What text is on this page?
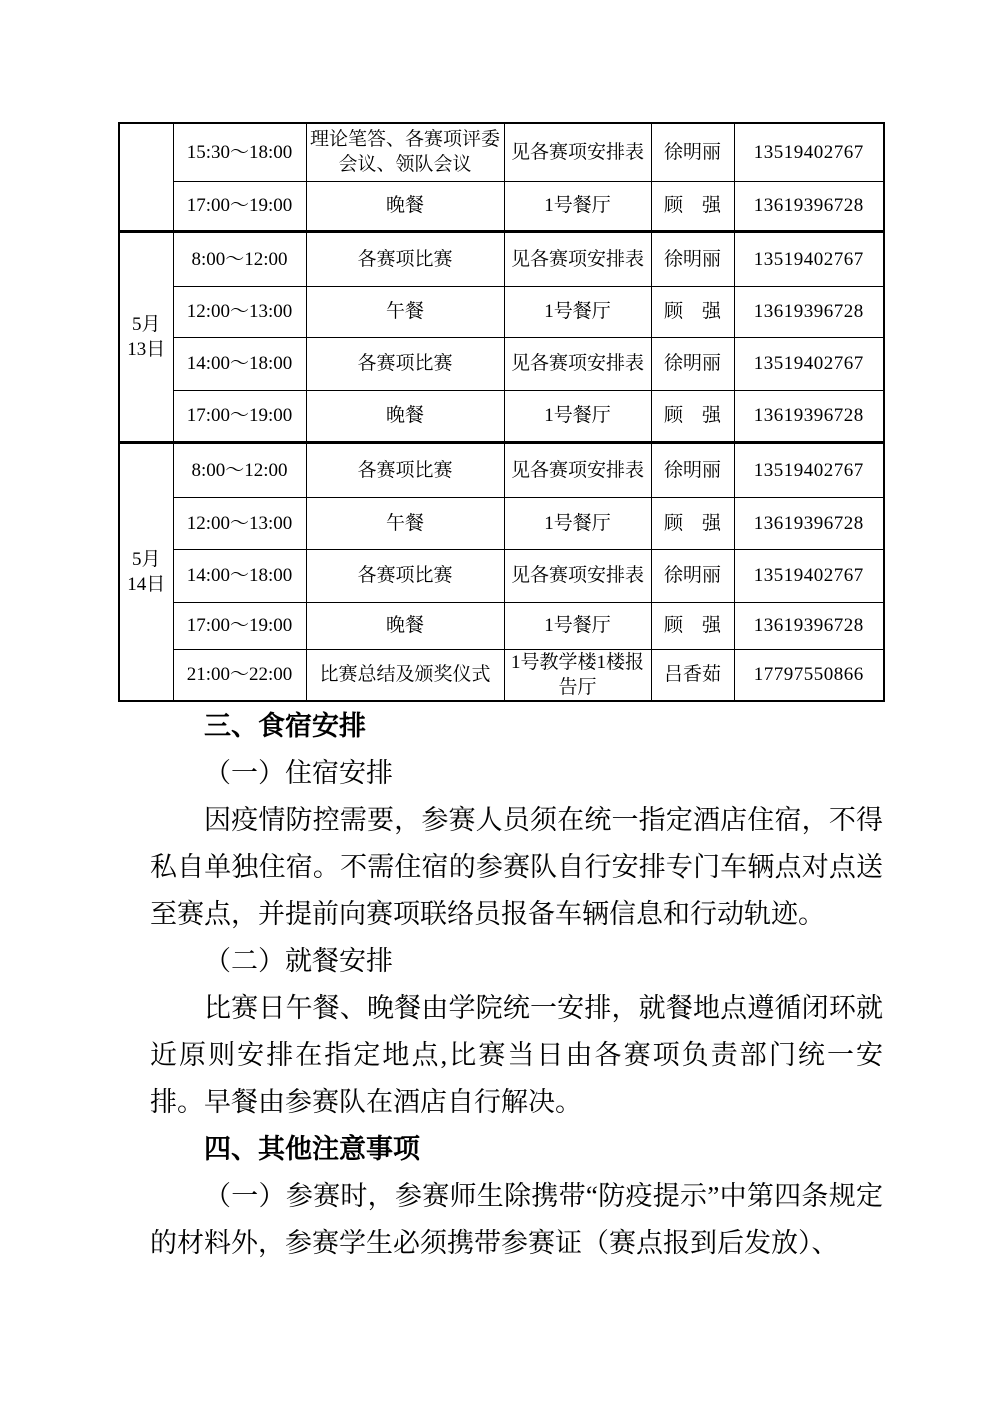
	15:30～18:00	理论笔答、各赛项评委会议、领队会议	见各赛项安排表	徐明丽	13519402767
	17:00～19:00	晚餐	1号餐厅	顾　强	13619396728

5月
13日	8:00～12:00	各赛项比赛	见各赛项安排表	徐明丽	13519402767
	12:00～13:00	午餐	1号餐厅	顾　强	13619396728
	14:00～18:00	各赛项比赛	见各赛项安排表	徐明丽	13519402767
	17:00～19:00	晚餐	1号餐厅	顾　强	13619396728

5月
14日	8:00～12:00	各赛项比赛	见各赛项安排表	徐明丽	13519402767
	12:00～13:00	午餐	1号餐厅	顾　强	13619396728
	14:00～18:00	各赛项比赛	见各赛项安排表	徐明丽	13519402767
	17:00～19:00	晚餐	1号餐厅	顾　强	13619396728
	21:00～22:00	比赛总结及颁奖仪式	1号教学楼1楼报告厅	吕香茹	17797550866

三、食宿安排

（一）住宿安排

因疫情防控需要，参赛人员须在统一指定酒店住宿，不得私自单独住宿。不需住宿的参赛队自行安排专门车辆点对点送至赛点，并提前向赛项联络员报备车辆信息和行动轨迹。

（二）就餐安排

比赛日午餐、晚餐由学院统一安排，就餐地点遵循闭环就近原则安排在指定地点,比赛当日由各赛项负责部门统一安排。早餐由参赛队在酒店自行解决。

四、其他注意事项

（一）参赛时，参赛师生除携带“防疫提示”中第四条规定的材料外，参赛学生必须携带参赛证（赛点报到后发放）、
